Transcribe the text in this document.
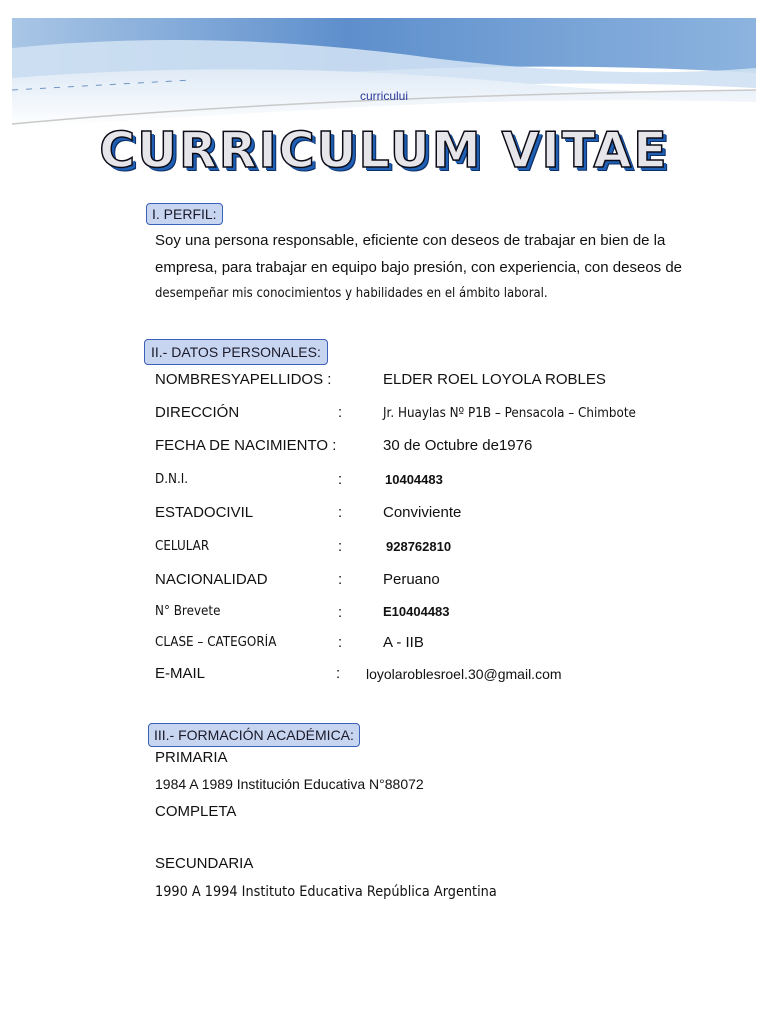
curricului
CURRICULUM VITAE
I. PERFIL:
Soy una persona responsable, eficiente con deseos de trabajar en bien de la
empresa, para trabajar en equipo bajo presión, con experiencia, con deseos de
desempeñar mis conocimientos y habilidades en el ámbito laboral.
II.- DATOS PERSONALES:
NOMBRESYAPELLIDOS :	ELDER ROEL LOYOLA ROBLES
DIRECCIÓN	:	Jr. Huaylas Nº P1B – Pensacola – Chimbote
FECHA DE NACIMIENTO :	30 de Octubre de1976
D.N.I.	:	10404483
ESTADOCIVIL	:	Conviviente
CELULAR	:	928762810
NACIONALIDAD	:	Peruano
N° Brevete	:	E10404483
CLASE – CATEGORÍA	:	A - IIB
E-MAIL	: loyolaroblesroel.30@gmail.com
III.- FORMACIÓN ACADÉMICA:
PRIMARIA
1984 A 1989 Institución Educativa N°88072
COMPLETA
SECUNDARIA
1990 A 1994 Instituto Educativa República Argentina
